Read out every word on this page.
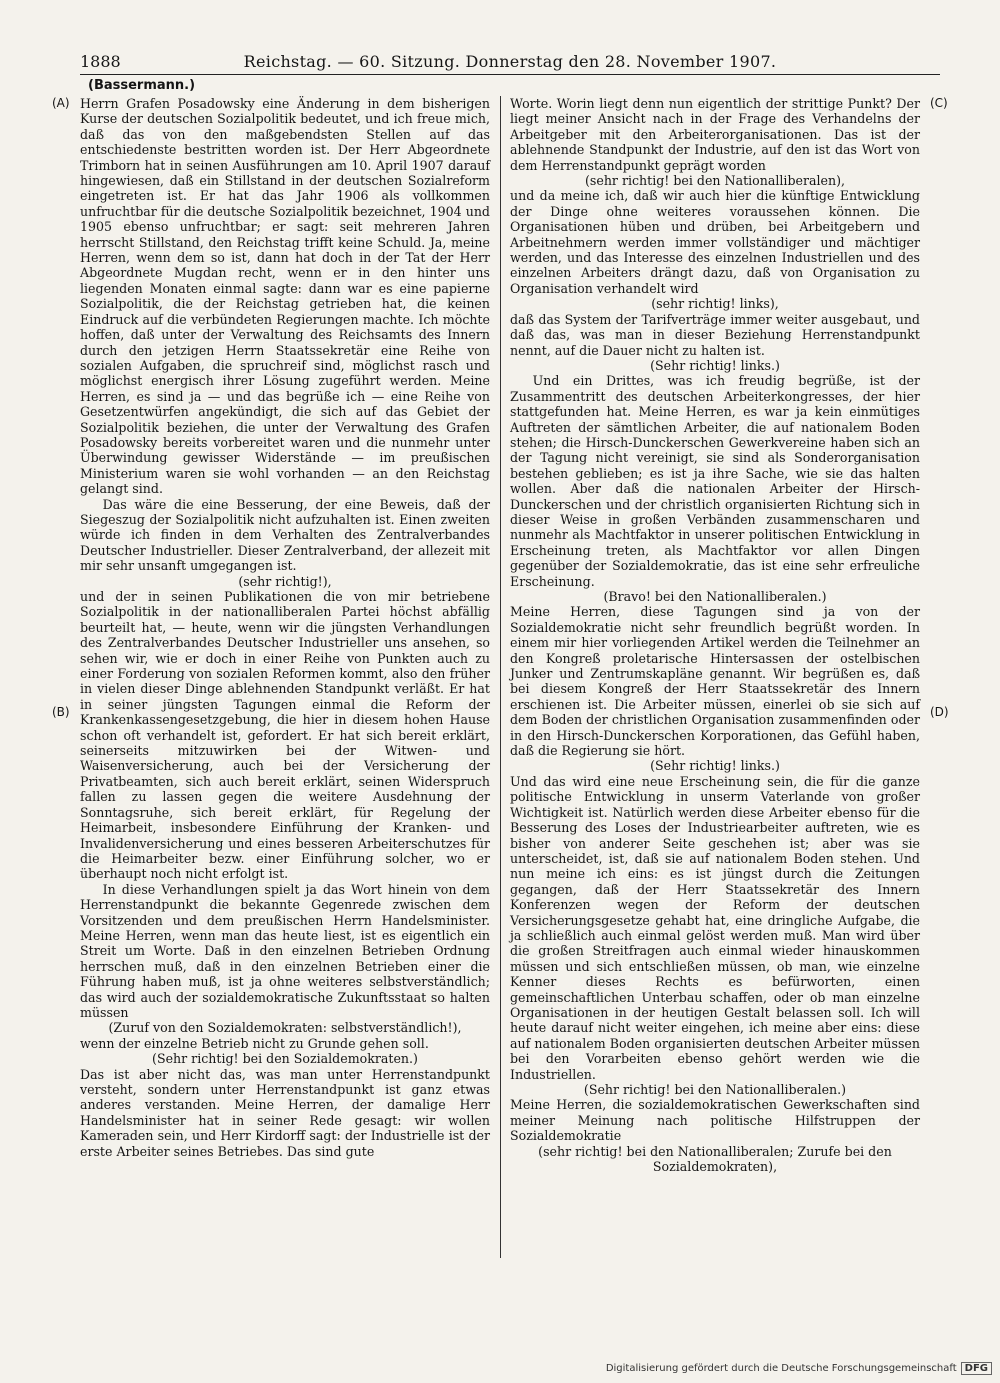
1888	Reichstag. — 60. Sitzung. Donnerstag den 28. November 1907.
(Bassermann.)
(A)
(B)
(C)
(D)

Herrn Grafen Posadowsky eine Änderung in dem bisherigen Kurse der deutschen Sozialpolitik bedeutet, und ich freue mich, daß das von den maßgebendsten Stellen auf das entschiedenste bestritten worden ist. Der Herr Abgeordnete Trimborn hat in seinen Ausführungen am 10. April 1907 darauf hingewiesen, daß ein Stillstand in der deutschen Sozialreform eingetreten ist. Er hat das Jahr 1906 als vollkommen unfruchtbar für die deutsche Sozialpolitik bezeichnet, 1904 und 1905 ebenso unfruchtbar; er sagt: seit mehreren Jahren herrscht Stillstand, den Reichstag trifft keine Schuld. Ja, meine Herren, wenn dem so ist, dann hat doch in der Tat der Herr Abgeordnete Mugdan recht, wenn er in den hinter uns liegenden Monaten einmal sagte: dann war es eine papierne Sozialpolitik, die der Reichstag getrieben hat, die keinen Eindruck auf die verbündeten Regierungen machte. Ich möchte hoffen, daß unter der Verwaltung des Reichsamts des Innern durch den jetzigen Herrn Staatssekretär eine Reihe von sozialen Aufgaben, die spruchreif sind, möglichst rasch und möglichst energisch ihrer Lösung zugeführt werden. Meine Herren, es sind ja — und das begrüße ich — eine Reihe von Gesetzentwürfen angekündigt, die sich auf das Gebiet der Sozialpolitik beziehen, die unter der Verwaltung des Grafen Posadowsky bereits vorbereitet waren und die nunmehr unter Überwindung gewisser Widerstände — im preußischen Ministerium waren sie wohl vorhanden — an den Reichstag gelangt sind.

Das wäre die eine Besserung, der eine Beweis, daß der Siegeszug der Sozialpolitik nicht aufzuhalten ist. Einen zweiten würde ich finden in dem Verhalten des Zentralverbandes Deutscher Industrieller. Dieser Zentralverband, der allezeit mit mir sehr unsanft umgegangen ist.

(sehr richtig!),

und der in seinen Publikationen die von mir betriebene Sozialpolitik in der nationalliberalen Partei höchst abfällig beurteilt hat, — heute, wenn wir die jüngsten Verhandlungen des Zentralverbandes Deutscher Industrieller uns ansehen, so sehen wir, wie er doch in einer Reihe von Punkten auch zu einer Forderung von sozialen Reformen kommt, also den früher in vielen dieser Dinge ablehnenden Standpunkt verläßt. Er hat in seiner jüngsten Tagungen einmal die Reform der Krankenkassengesetzgebung, die hier in diesem hohen Hause schon oft verhandelt ist, gefordert. Er hat sich bereit erklärt, seinerseits mitzuwirken bei der Witwen- und Waisenversicherung, auch bei der Versicherung der Privatbeamten, sich auch bereit erklärt, seinen Widerspruch fallen zu lassen gegen die weitere Ausdehnung der Sonntagsruhe, sich bereit erklärt, für Regelung der Heimarbeit, insbesondere Einführung der Kranken- und Invalidenversicherung und eines besseren Arbeiterschutzes für die Heimarbeiter bezw. einer Einführung solcher, wo er überhaupt noch nicht erfolgt ist.

In diese Verhandlungen spielt ja das Wort hinein von dem Herrenstandpunkt die bekannte Gegenrede zwischen dem Vorsitzenden und dem preußischen Herrn Handelsminister. Meine Herren, wenn man das heute liest, ist es eigentlich ein Streit um Worte. Daß in den einzelnen Betrieben Ordnung herrschen muß, daß in den einzelnen Betrieben einer die Führung haben muß, ist ja ohne weiteres selbstverständlich; das wird auch der sozialdemokratische Zukunftsstaat so halten müssen

(Zuruf von den Sozialdemokraten: selbstverständlich!),

wenn der einzelne Betrieb nicht zu Grunde gehen soll.

(Sehr richtig! bei den Sozialdemokraten.)

Das ist aber nicht das, was man unter Herrenstandpunkt versteht, sondern unter Herrenstandpunkt ist ganz etwas anderes verstanden. Meine Herren, der damalige Herr Handelsminister hat in seiner Rede gesagt: wir wollen Kameraden sein, und Herr Kirdorff sagt: der Industrielle ist der erste Arbeiter seines Betriebes. Das sind gute

Worte. Worin liegt denn nun eigentlich der strittige Punkt? Der liegt meiner Ansicht nach in der Frage des Verhandelns der Arbeitgeber mit den Arbeiterorganisationen. Das ist der ablehnende Standpunkt der Industrie, auf den ist das Wort von dem Herrenstandpunkt geprägt worden

(sehr richtig! bei den Nationalliberalen),

und da meine ich, daß wir auch hier die künftige Entwicklung der Dinge ohne weiteres voraussehen können. Die Organisationen hüben und drüben, bei Arbeitgebern und Arbeitnehmern werden immer vollständiger und mächtiger werden, und das Interesse des einzelnen Industriellen und des einzelnen Arbeiters drängt dazu, daß von Organisation zu Organisation verhandelt wird

(sehr richtig! links),

daß das System der Tarifverträge immer weiter ausgebaut, und daß das, was man in dieser Beziehung Herrenstandpunkt nennt, auf die Dauer nicht zu halten ist.

(Sehr richtig! links.)

Und ein Drittes, was ich freudig begrüße, ist der Zusammentritt des deutschen Arbeiterkongresses, der hier stattgefunden hat. Meine Herren, es war ja kein einmütiges Auftreten der sämtlichen Arbeiter, die auf nationalem Boden stehen; die Hirsch-Dunckerschen Gewerkvereine haben sich an der Tagung nicht vereinigt, sie sind als Sonderorganisation bestehen geblieben; es ist ja ihre Sache, wie sie das halten wollen. Aber daß die nationalen Arbeiter der Hirsch-Dunckerschen und der christlich organisierten Richtung sich in dieser Weise in großen Verbänden zusammenscharen und nunmehr als Machtfaktor in unserer politischen Entwicklung in Erscheinung treten, als Machtfaktor vor allen Dingen gegenüber der Sozialdemokratie, das ist eine sehr erfreuliche Erscheinung.

(Bravo! bei den Nationalliberalen.)

Meine Herren, diese Tagungen sind ja von der Sozialdemokratie nicht sehr freundlich begrüßt worden. In einem mir hier vorliegenden Artikel werden die Teilnehmer an den Kongreß proletarische Hintersassen der ostelbischen Junker und Zentrumskapläne genannt. Wir begrüßen es, daß bei diesem Kongreß der Herr Staatssekretär des Innern erschienen ist. Die Arbeiter müssen, einerlei ob sie sich auf dem Boden der christlichen Organisation zusammenfinden oder in den Hirsch-Dunckerschen Korporationen, das Gefühl haben, daß die Regierung sie hört.

(Sehr richtig! links.)

Und das wird eine neue Erscheinung sein, die für die ganze politische Entwicklung in unserm Vaterlande von großer Wichtigkeit ist. Natürlich werden diese Arbeiter ebenso für die Besserung des Loses der Industriearbeiter auftreten, wie es bisher von anderer Seite geschehen ist; aber was sie unterscheidet, ist, daß sie auf nationalem Boden stehen. Und nun meine ich eins: es ist jüngst durch die Zeitungen gegangen, daß der Herr Staatssekretär des Innern Konferenzen wegen der Reform der deutschen Versicherungsgesetze gehabt hat, eine dringliche Aufgabe, die ja schließlich auch einmal gelöst werden muß. Man wird über die großen Streitfragen auch einmal wieder hinauskommen müssen und sich entschließen müssen, ob man, wie einzelne Kenner dieses Rechts es befürworten, einen gemeinschaftlichen Unterbau schaffen, oder ob man einzelne Organisationen in der heutigen Gestalt belassen soll. Ich will heute darauf nicht weiter eingehen, ich meine aber eins: diese auf nationalem Boden organisierten deutschen Arbeiter müssen bei den Vorarbeiten ebenso gehört werden wie die Industriellen.

(Sehr richtig! bei den Nationalliberalen.)

Meine Herren, die sozialdemokratischen Gewerkschaften sind meiner Meinung nach politische Hilfstruppen der Sozialdemokratie

(sehr richtig! bei den Nationalliberalen; Zurufe bei den Sozialdemokraten),

Digitalisierung gefördert durch die Deutsche Forschungsgemeinschaft DFG
